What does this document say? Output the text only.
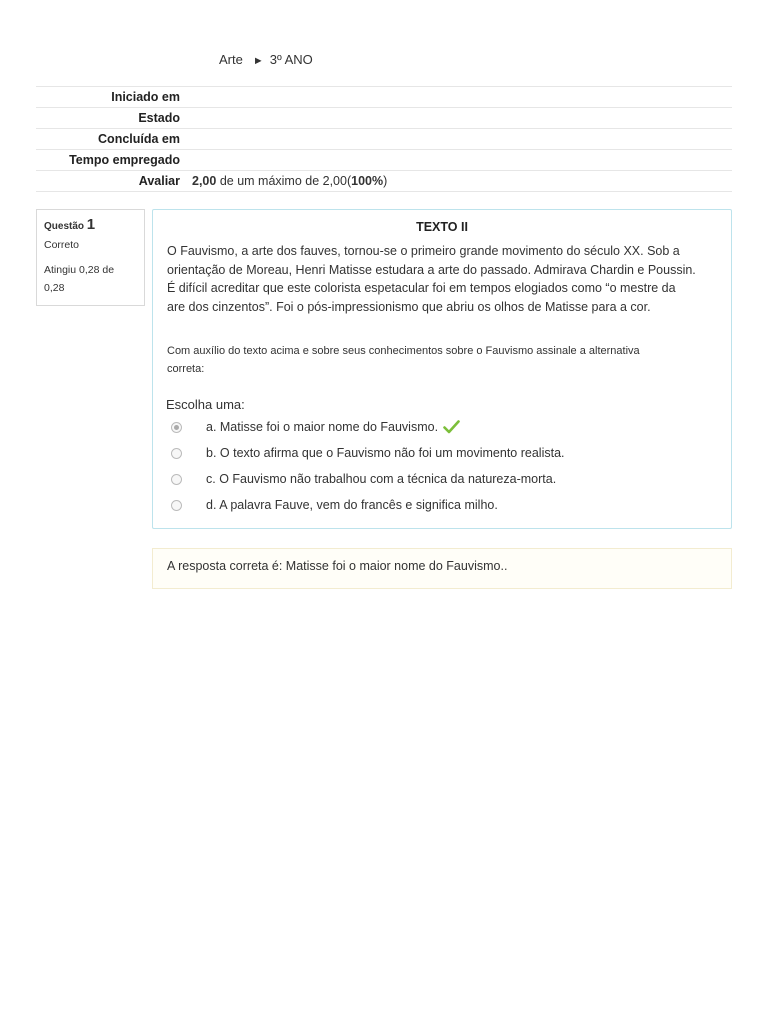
Arte ► 3º ANO
Iniciado em	
Estado	
Concluída em	
Tempo empregado	
Avaliar	2,00 de um máximo de 2,00(100%)
Questão 1
Correto
Atingiu 0,28 de 0,28
TEXTO II
O Fauvismo, a arte dos fauves, tornou-se o primeiro grande movimento do século XX. Sob a orientação de Moreau, Henri Matisse estudara a arte do passado. Admirava Chardin e Poussin. É difícil acreditar que este colorista espetacular foi em tempos elogiados como “o mestre da are dos cinzentos”. Foi o pós-impressionismo que abriu os olhos de Matisse para a cor.
Com auxílio do texto acima e sobre seus conhecimentos sobre o Fauvismo assinale a alternativa correta:
Escolha uma:
a. Matisse foi o maior nome do Fauvismo.
b. O texto afirma que o Fauvismo não foi um movimento realista.
c. O Fauvismo não trabalhou com a técnica da natureza-morta.
d. A palavra Fauve, vem do francês e significa milho.
A resposta correta é: Matisse foi o maior nome do Fauvismo..
